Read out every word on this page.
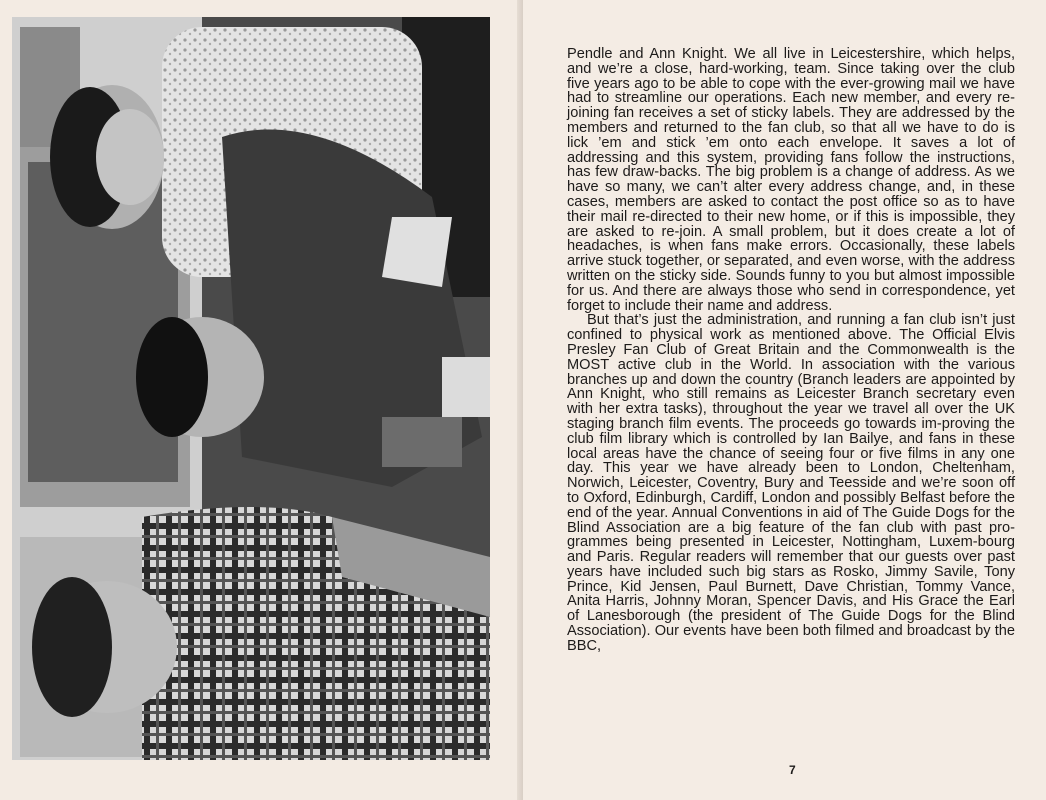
Pendle and Ann Knight. We all live in Leicestershire, which helps, and we’re a close, hard-working, team. Since taking over the club five years ago to be able to cope with the ever-growing mail we have had to streamline our operations. Each new member, and every re-joining fan receives a set of sticky labels. They are addressed by the members and returned to the fan club, so that all we have to do is lick ’em and stick ’em onto each envelope. It saves a lot of addressing and this system, providing fans follow the instructions, has few draw-backs. The big problem is a change of address. As we have so many, we can’t alter every address change, and, in these cases, members are asked to contact the post office so as to have their mail re-directed to their new home, or if this is impossible, they are asked to re-join. A small problem, but it does create a lot of headaches, is when fans make errors. Occasionally, these labels arrive stuck together, or separated, and even worse, with the address written on the sticky side. Sounds funny to you but almost impossible for us. And there are always those who send in correspondence, yet forget to include their name and address.

But that’s just the administration, and running a fan club isn’t just confined to physical work as mentioned above. The Official Elvis Presley Fan Club of Great Britain and the Commonwealth is the MOST active club in the World. In association with the various branches up and down the country (Branch leaders are appointed by Ann Knight, who still remains as Leicester Branch secretary even with her extra tasks), throughout the year we travel all over the UK staging branch film events. The proceeds go towards im-proving the club film library which is controlled by Ian Bailye, and fans in these local areas have the chance of seeing four or five films in any one day. This year we have already been to London, Cheltenham, Norwich, Leicester, Coventry, Bury and Teesside and we’re soon off to Oxford, Edinburgh, Cardiff, London and possibly Belfast before the end of the year. Annual Conventions in aid of The Guide Dogs for the Blind Association are a big feature of the fan club with past pro-grammes being presented in Leicester, Nottingham, Luxem-bourg and Paris. Regular readers will remember that our guests over past years have included such big stars as Rosko, Jimmy Savile, Tony Prince, Kid Jensen, Paul Burnett, Dave Christian, Tommy Vance, Anita Harris, Johnny Moran, Spencer Davis, and His Grace the Earl of Lanesborough (the president of The Guide Dogs for the Blind Association). Our events have been both filmed and broadcast by the BBC,

7
